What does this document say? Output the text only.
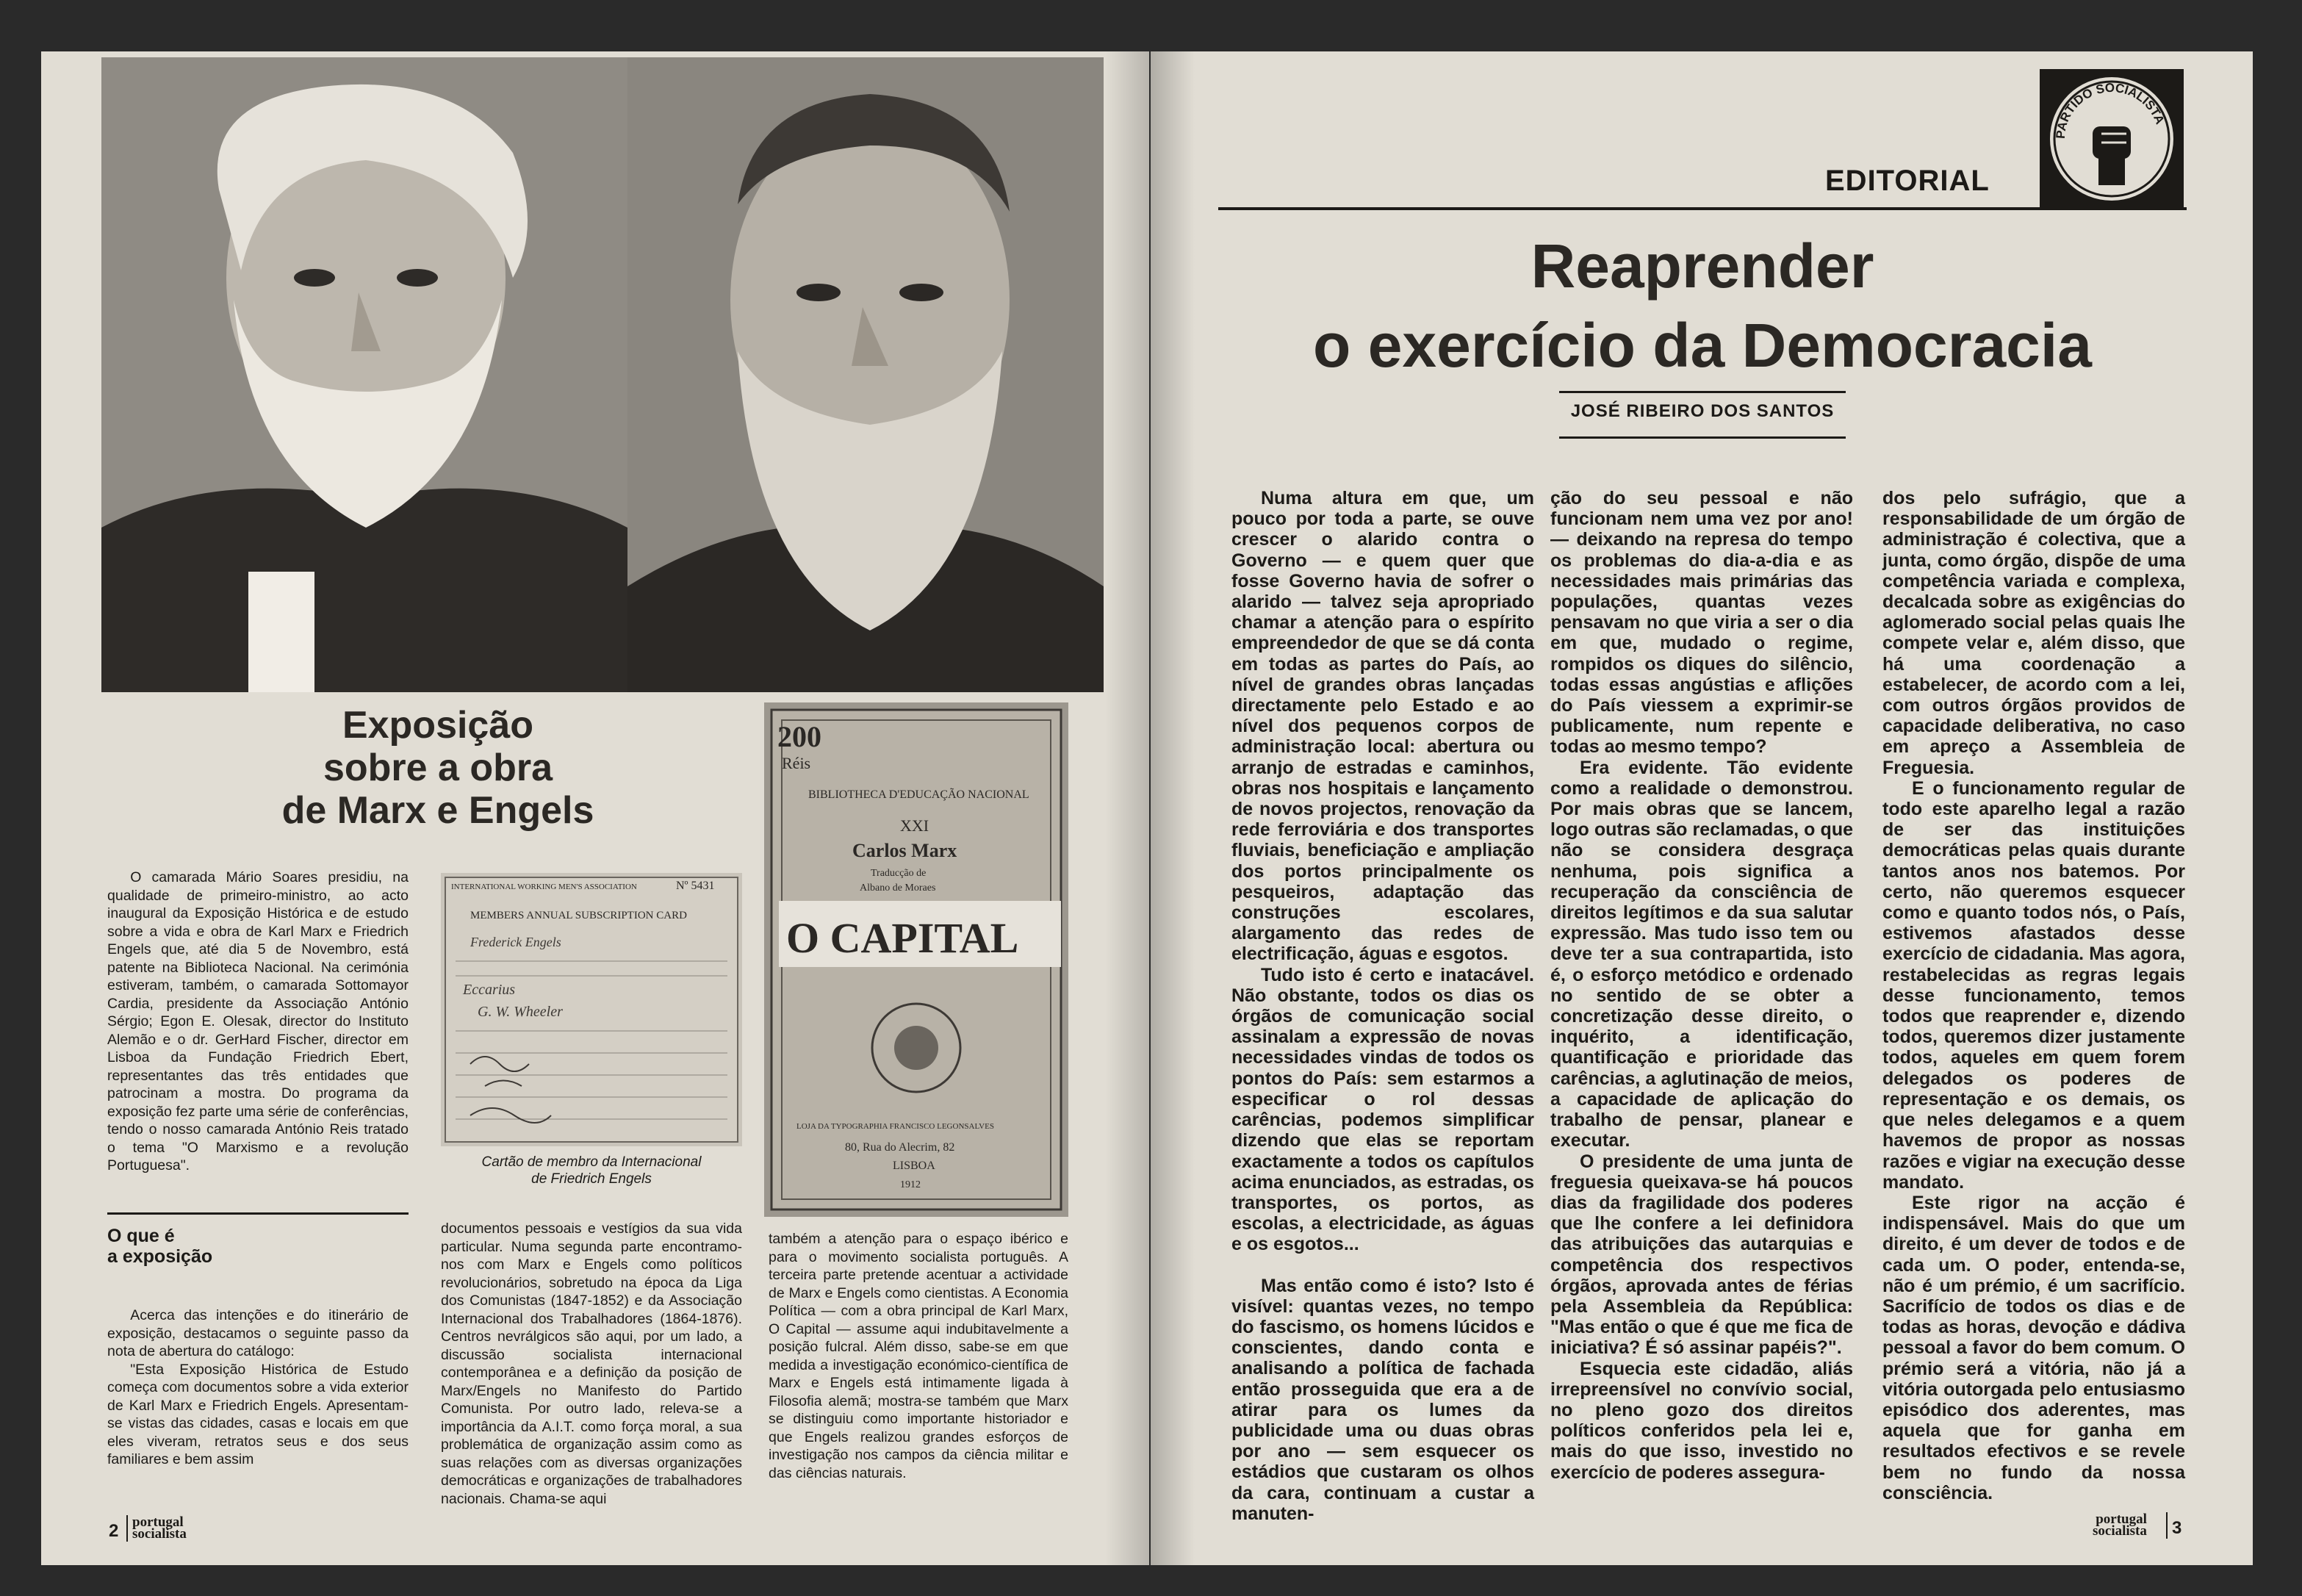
Exposição
sobre a obra
de Marx e Engels
INTERNATIONAL WORKING MEN'S ASSOCIATION	Nº 5431
MEMBERS ANNUAL SUBSCRIPTION CARD
Frederick Engels
Eccarius
G. W. Wheeler
Cartão de membro da Internacional
de Friedrich Engels
200
Réis
BIBLIOTHECA D'EDUCAÇÃO NACIONAL
XXI
Carlos Marx
Traducção de
Albano de Moraes
O CAPITAL
LOJA DA TYPOGRAPHIA FRANCISCO LEGONSALVES
80, Rua do Alecrim, 82
LISBOA
1912

O camarada Mário Soares presidiu, na qualidade de primeiro-ministro, ao acto inaugural da Exposição Histórica e de estudo sobre a vida e obra de Karl Marx e Friedrich Engels que, até dia 5 de Novembro, está patente na Biblioteca Nacional. Na cerimónia estiveram, também, o camarada Sottomayor Cardia, presidente da Associação António Sérgio; Egon E. Olesak, director do Instituto Alemão e o dr. GerHard Fischer, director em Lisboa da Fundação Friedrich Ebert, representantes das três entidades que patrocinam a mostra. Do programa da exposição fez parte uma série de conferências, tendo o nosso camarada António Reis tratado o tema "O Marxismo e a revolução Portuguesa".

O que é
a exposição

Acerca das intenções e do itinerário de exposição, destacamos o seguinte passo da nota de abertura do catálogo:

"Esta Exposição Histórica de Estudo começa com documentos sobre a vida exterior de Karl Marx e Friedrich Engels. Apresentam-se vistas das cidades, casas e locais em que eles viveram, retratos seus e dos seus familiares e bem assim

documentos pessoais e vestígios da sua vida particular. Numa segunda parte encontramo-nos com Marx e Engels como políticos revolucionários, sobretudo na época da Liga dos Comunistas (1847-1852) e da Associação Internacional dos Trabalhadores (1864-1876). Centros nevrálgicos são aqui, por um lado, a discussão socialista internacional contemporânea e a definição da posição de Marx/Engels no Manifesto do Partido Comunista. Por outro lado, releva-se a importância da A.I.T. como força moral, a sua problemática de organização assim como as suas relações com as diversas organizações democráticas e organizações de trabalhadores nacionais. Chama-se aqui

também a atenção para o espaço ibérico e para o movimento socialista português. A terceira parte pretende acentuar a actividade de Marx e Engels como cientistas. A Economia Política — com a obra principal de Karl Marx, O Capital — assume aqui indubitavelmente a posição fulcral. Além disso, sabe-se em que medida a investigação económico-científica de Marx e Engels está intimamente ligada à Filosofia alemã; mostra-se também que Marx se distinguiu como importante historiador e que Engels realizou grandes esforços de investigação nos campos da ciência militar e das ciências naturais.

2 portugal
socialista
EDITORIAL
PARTIDO SOCIALISTA
Reaprender
o exercício da Democracia
JOSÉ RIBEIRO DOS SANTOS

Numa altura em que, um pouco por toda a parte, se ouve crescer o alarido contra o Governo — e quem quer que fosse Governo havia de sofrer o alarido — talvez seja apropriado chamar a atenção para o espírito empreendedor de que se dá conta em todas as partes do País, ao nível de grandes obras lançadas directamente pelo Estado e ao nível dos pequenos corpos de administração local: abertura ou arranjo de estradas e caminhos, obras nos hospitais e lançamento de novos projectos, renovação da rede ferroviária e dos transportes fluviais, beneficiação e ampliação dos portos principalmente os pesqueiros, adaptação das construções escolares, alargamento das redes de electrificação, águas e esgotos.

Tudo isto é certo e inatacável. Não obstante, todos os dias os órgãos de comunicação social assinalam a expressão de novas necessidades vindas de todos os pontos do País: sem estarmos a especificar o rol dessas carências, podemos simplificar dizendo que elas se reportam exactamente a todos os capítulos acima enunciados, as estradas, os transportes, os portos, as escolas, a electricidade, as águas e os esgotos...

Mas então como é isto? Isto é visível: quantas vezes, no tempo do fascismo, os homens lúcidos e conscientes, dando conta e analisando a política de fachada então prosseguida que era a de atirar para os lumes da publicidade uma ou duas obras por ano — sem esquecer os estádios que custaram os olhos da cara, continuam a custar a manuten-

ção do seu pessoal e não funcionam nem uma vez por ano! — deixando na represa do tempo os problemas do dia-a-dia e as necessidades mais primárias das populações, quantas vezes pensavam no que viria a ser o dia em que, mudado o regime, rompidos os diques do silêncio, todas essas angústias e aflições do País viessem a exprimir-se publicamente, num repente e todas ao mesmo tempo?

Era evidente. Tão evidente como a realidade o demonstrou. Por mais obras que se lancem, logo outras são reclamadas, o que não se considera desgraça nenhuma, pois significa a recuperação da consciência de direitos legítimos e da sua salutar expressão. Mas tudo isso tem ou deve ter a sua contrapartida, isto é, o esforço metódico e ordenado no sentido de se obter a concretização desse direito, o inquérito, a identificação, quantificação e prioridade das carências, a aglutinação de meios, a capacidade de aplicação do trabalho de pensar, planear e executar.

O presidente de uma junta de freguesia queixava-se há poucos dias da fragilidade dos poderes que lhe confere a lei definidora das atribuições das autarquias e competência dos respectivos órgãos, aprovada antes de férias pela Assembleia da República: "Mas então o que é que me fica de iniciativa? É só assinar papéis?".

Esquecia este cidadão, aliás irrepreensível no convívio social, no pleno gozo dos direitos políticos conferidos pela lei e, mais do que isso, investido no exercício de poderes assegura-

dos pelo sufrágio, que a responsabilidade de um órgão de administração é colectiva, que a junta, como órgão, dispõe de uma competência variada e complexa, decalcada sobre as exigências do aglomerado social pelas quais lhe compete velar e, além disso, que há uma coordenação a estabelecer, de acordo com a lei, com outros órgãos providos de capacidade deliberativa, no caso em apreço a Assembleia de Freguesia.

E o funcionamento regular de todo este aparelho legal a razão de ser das instituições democráticas pelas quais durante tantos anos nos batemos. Por certo, não queremos esquecer como e quanto todos nós, o País, estivemos afastados desse exercício de cidadania. Mas agora, restabelecidas as regras legais desse funcionamento, temos todos que reaprender e, dizendo todos, queremos dizer justamente todos, aqueles em quem forem delegados os poderes de representação e os demais, os que neles delegamos e a quem havemos de propor as nossas razões e vigiar na execução desse mandato.

Este rigor na acção é indispensável. Mais do que um direito, é um dever de todos e de cada um. O poder, entenda-se, não é um prémio, é um sacrifício. Sacrifício de todos os dias e de todas as horas, devoção e dádiva pessoal a favor do bem comum. O prémio será a vitória, não já a vitória outorgada pelo entusiasmo episódico dos aderentes, mas aquela que for ganha em resultados efectivos e se revele bem no fundo da nossa consciência.

portugal
socialista 3
